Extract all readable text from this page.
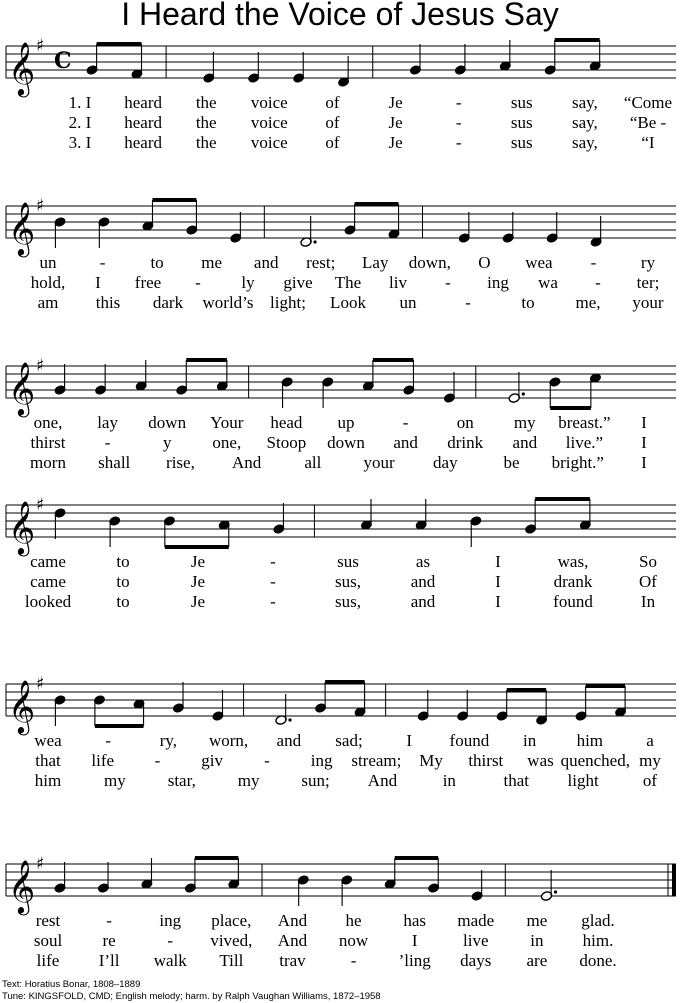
I Heard the Voice of Jesus Say
𝄞 ♯
C
1. I heard the voice of	Je	-	sus say, “Come
2. I heard the voice of	Je	-	sus say, “Be -
3. I heard the voice of	Je	-	sus say,	“I
𝄞 ♯
un	-	to me and rest; Lay down, O wea -	ry
hold, I free - ly give The liv - ing wa - ter;
am this dark world’s light; Look un	-	to me, your
𝄞 ♯
one, lay down Your head up	-	on my breast.” I
thirst -	y one, Stoop down and drink and live.” I
morn shall rise, And	all your day	be bright.” I
𝄞 ♯
came	to	Je	-	sus	as	I	was,	So
came	to	Je	-	sus,	and	I	drank	Of
looked	to	Je	-	sus,	and	I	found	In
𝄞 ♯
wea	-	ry, worn, and sad;	I found in him	a
that life - giv - ing stream; My thirst was quenched, my
him	my star, my sun; And	in	that light	of
𝄞 ♯
rest	-	ing place, And he has made me glad.
soul re	- vived, And now	I	live in him.
life I’ll walk Till trav	- ’ling days are done.
Text: Horatius Bonar, 1808–1889
Tune: KINGSFOLD, CMD; English melody; harm. by Ralph Vaughan Williams, 1872–1958
